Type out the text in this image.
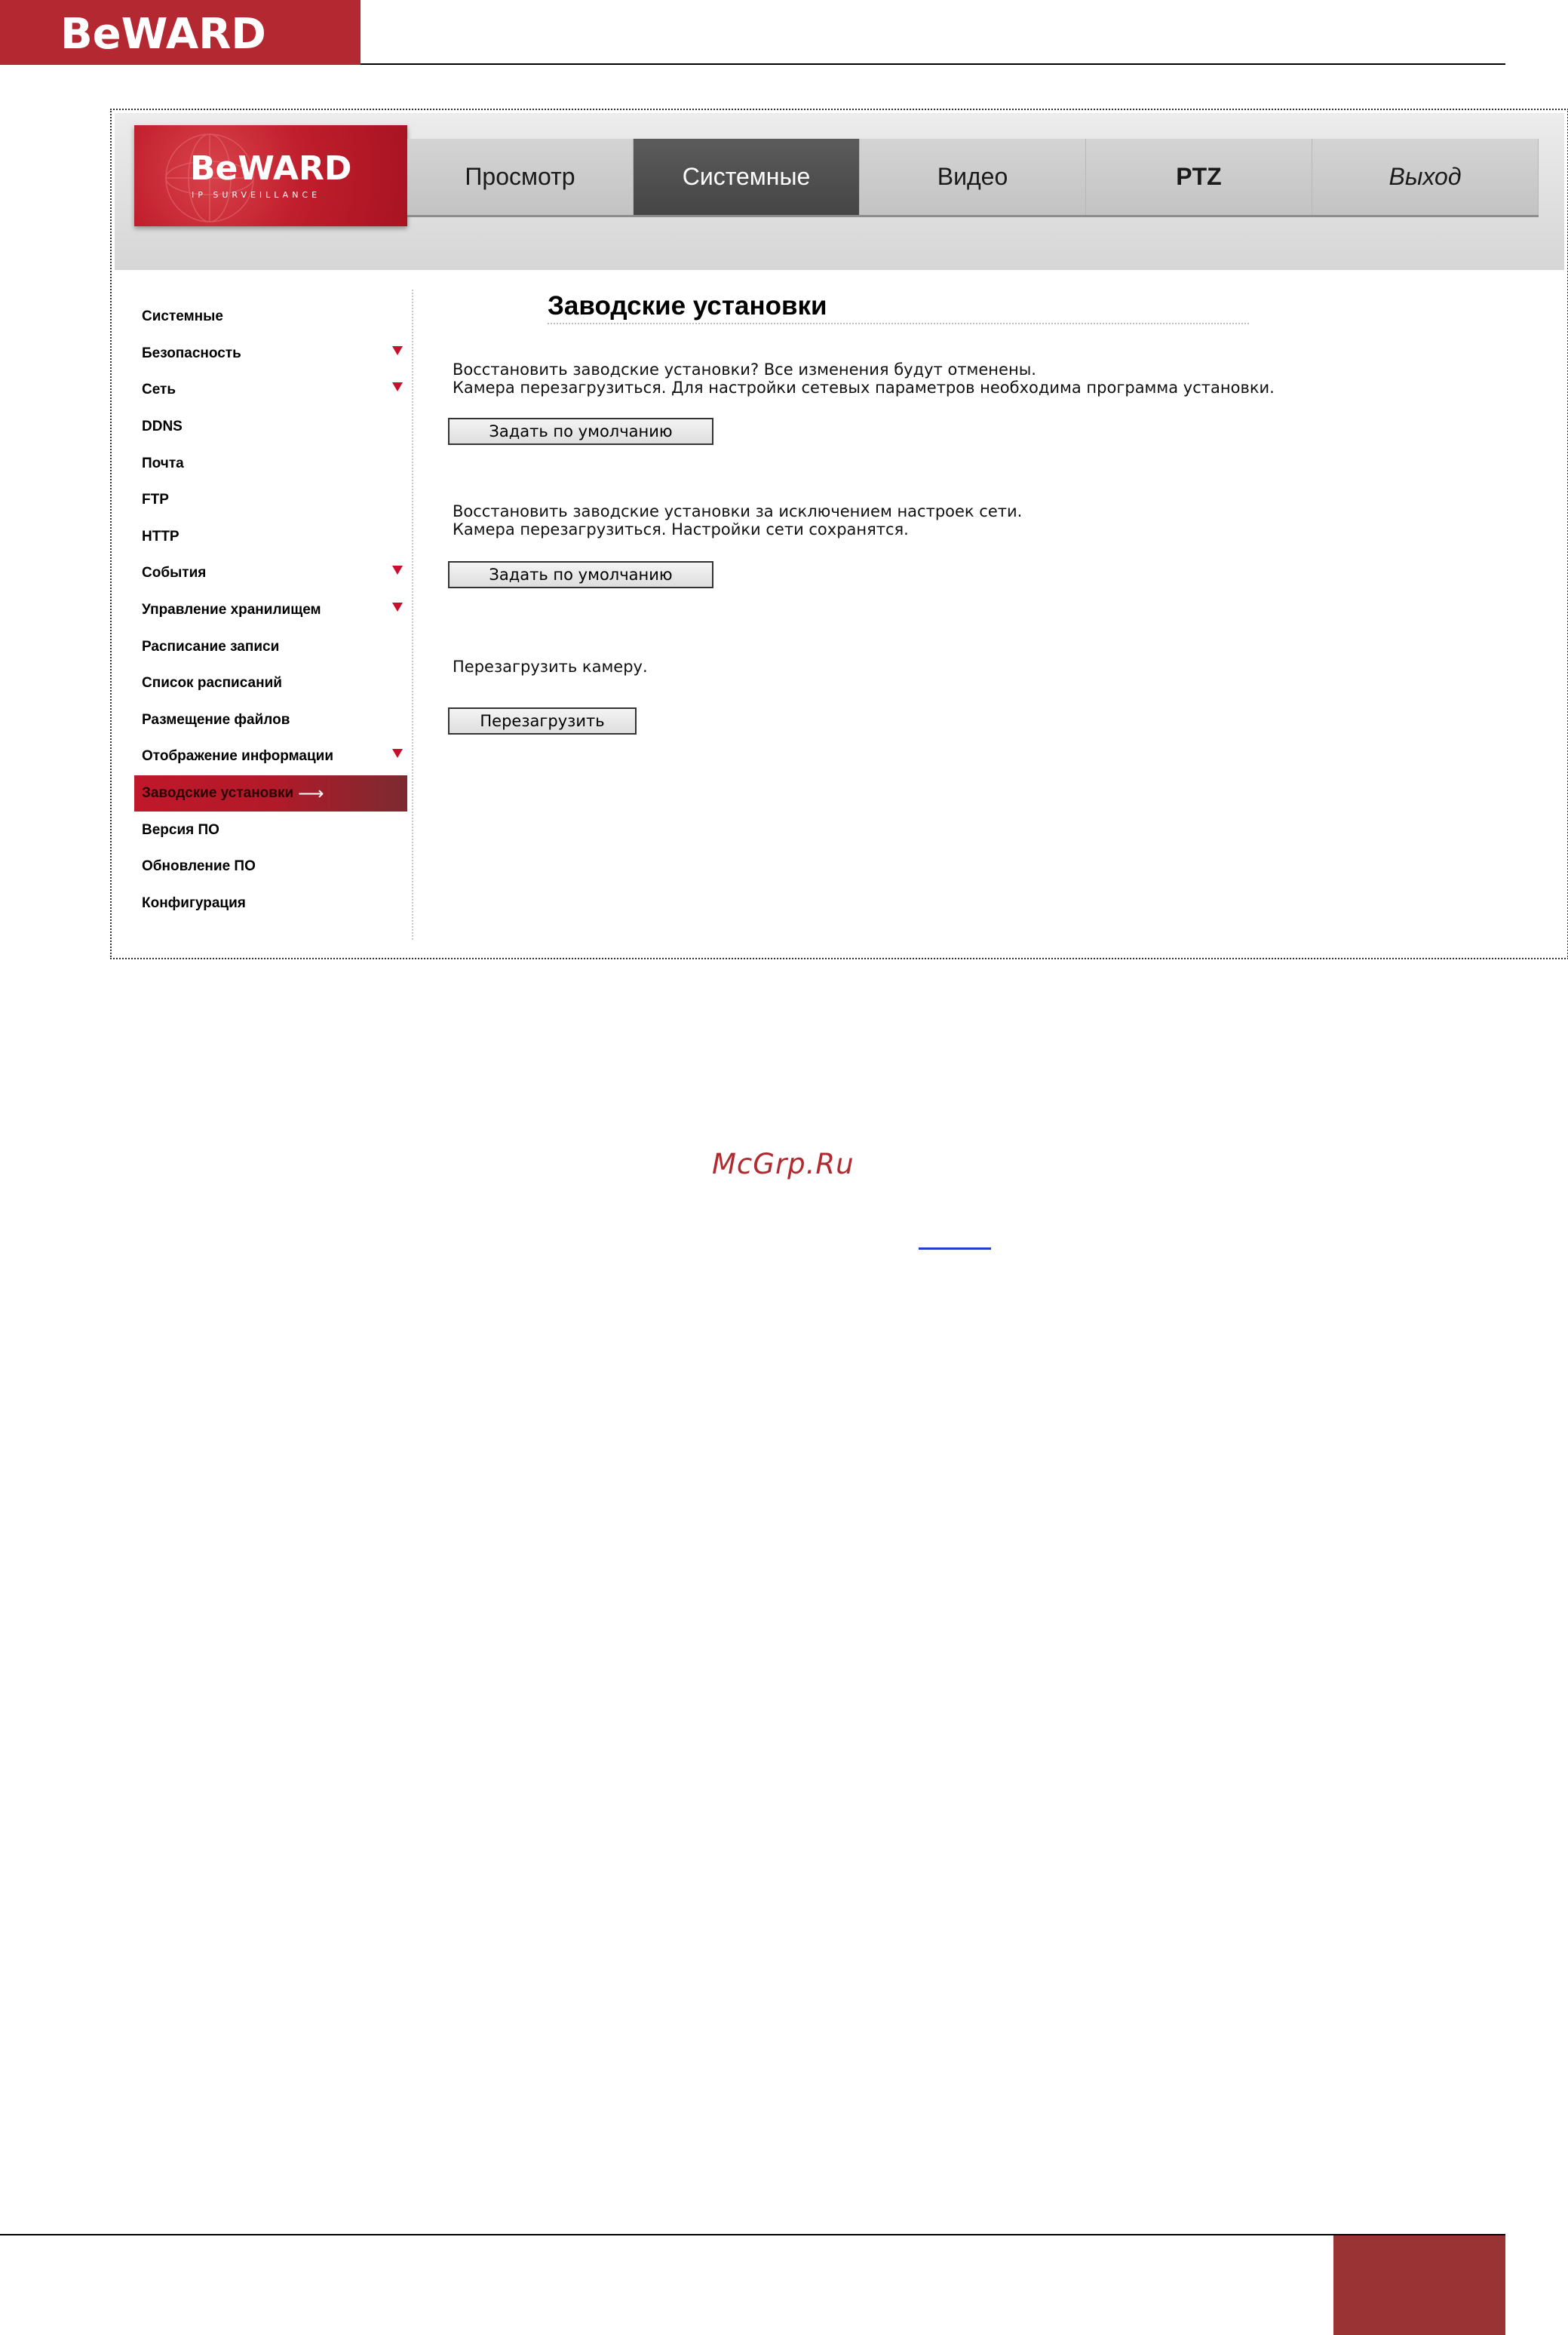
BeWARD
BeWARD
IP SURVEILLANCE
Просмотр	Системные	Видео	PTZ	Выход
Системные
Безопасность
Сеть
DDNS
Почта
FTP
HTTP
События
Управление хранилищем
Расписание записи
Список расписаний
Размещение файлов
Отображение информации
Заводские установки ⟶
Версия ПО
Обновление ПО
Конфигурация
Заводские установки
Восстановить заводские установки? Все изменения будут отменены.
Камера перезагрузиться. Для настройки сетевых параметров необходима программа установки.
Задать по умолчанию
Восстановить заводские установки за исключением настроек сети.
Камера перезагрузиться. Настройки сети сохранятся.
Задать по умолчанию
Перезагрузить камеру.
Перезагрузить
McGrp.Ru
